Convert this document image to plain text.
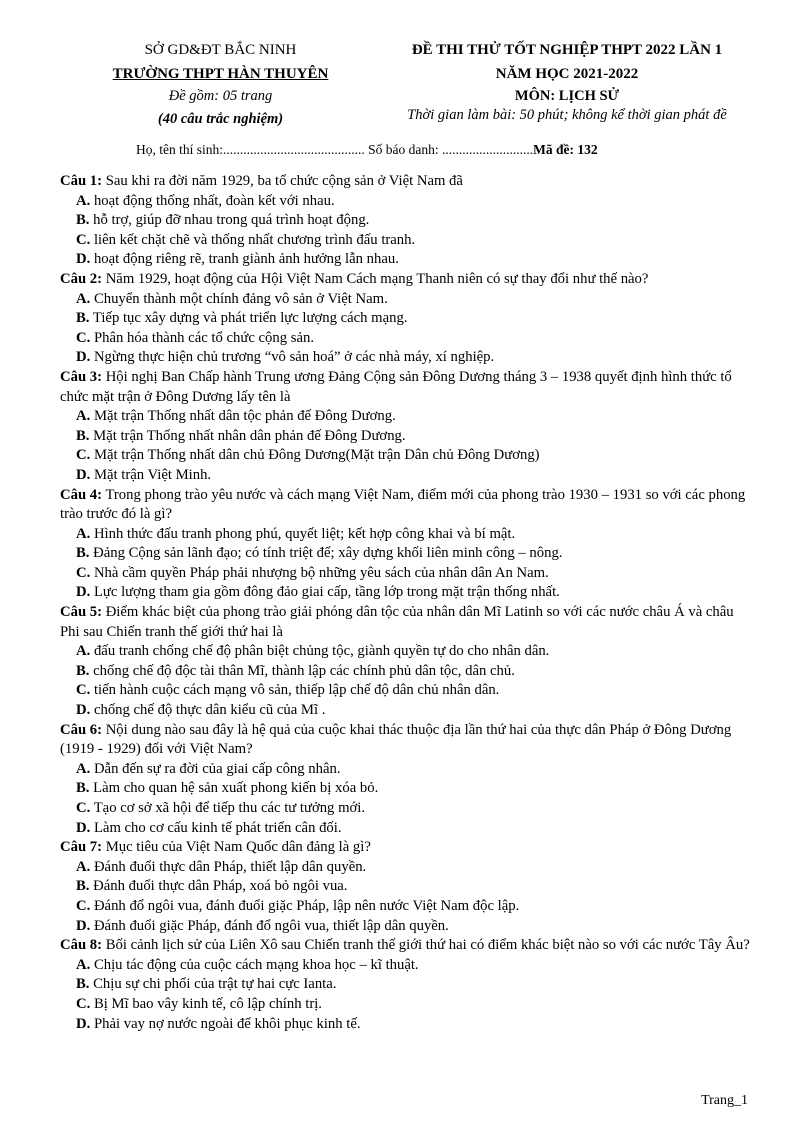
SỞ GD&ĐT BẮC NINH
TRƯỜNG THPT HÀN THUYÊN
Đề gồm: 05 trang
(40 câu trắc nghiệm)
ĐỀ THI THỬ TỐT NGHIỆP THPT 2022 LẦN 1
NĂM HỌC 2021-2022
MÔN: LỊCH SỬ
Thời gian làm bài: 50 phút; không kể thời gian phát đề
Họ, tên thí sinh:.......................................... Số báo danh: ...........................Mã đề: 132
Câu 1: Sau khi ra đời năm 1929, ba tổ chức cộng sản ở Việt Nam đã
A. hoạt động thống nhất, đoàn kết với nhau.
B. hỗ trợ, giúp đỡ nhau trong quá trình hoạt động.
C. liên kết chặt chẽ và thống nhất chương trình đấu tranh.
D. hoạt động riêng rẽ, tranh giành ảnh hưởng lẫn nhau.
Câu 2: Năm 1929, hoạt động của Hội Việt Nam Cách mạng Thanh niên có sự thay đổi như thế nào?
A. Chuyển thành một chính đảng vô sản ở Việt Nam.
B. Tiếp tục xây dựng và phát triển lực lượng cách mạng.
C. Phân hóa thành các tổ chức cộng sản.
D. Ngừng thực hiện chủ trương “vô sản hoá” ở các nhà máy, xí nghiệp.
Câu 3: Hội nghị Ban Chấp hành Trung ương Đảng Cộng sản Đông Dương tháng 3 – 1938 quyết định hình thức tổ chức mặt trận ở Đông Dương lấy tên là
A. Mặt trận Thống nhất dân tộc phản đế Đông Dương.
B. Mặt trận Thống nhất nhân dân phản đế Đông Dương.
C. Mặt trận Thống nhất dân chủ Đông Dương(Mặt trận Dân chủ Đông Dương)
D. Mặt trận Việt Minh.
Câu 4: Trong phong trào yêu nước và cách mạng Việt Nam, điểm mới của phong trào 1930 – 1931 so với các phong trào trước đó là gì?
A. Hình thức đấu tranh phong phú, quyết liệt; kết hợp công khai và bí mật.
B. Đảng Cộng sản lãnh đạo; có tính triệt để; xây dựng khối liên minh công – nông.
C. Nhà cầm quyền Pháp phải nhượng bộ những yêu sách của nhân dân An Nam.
D. Lực lượng tham gia gồm đông đảo giai cấp, tầng lớp trong mặt trận thống nhất.
Câu 5: Điểm khác biệt của phong trào giải phóng dân tộc của nhân dân Mĩ Latinh so với các nước châu Á và châu Phi sau Chiến tranh thế giới thứ hai là
A. đấu tranh chống chế độ phân biệt chủng tộc, giành quyền tự do cho nhân dân.
B. chống chế độ độc tài thân Mĩ, thành lập các chính phủ dân tộc, dân chủ.
C. tiến hành cuộc cách mạng vô sản, thiếp lập chế độ dân chủ nhân dân.
D. chống chế độ thực dân kiểu cũ của Mĩ .
Câu 6: Nội dung nào sau đây là hệ quả của cuộc khai thác thuộc địa lần thứ hai của thực dân Pháp ở Đông Dương (1919 - 1929) đối với Việt Nam?
A. Dẫn đến sự ra đời của giai cấp công nhân.
B. Làm cho quan hệ sản xuất phong kiến bị xóa bỏ.
C. Tạo cơ sở xã hội để tiếp thu các tư tưởng mới.
D. Làm cho cơ cấu kinh tế phát triển cân đối.
Câu 7: Mục tiêu của Việt Nam Quốc dân đảng là gì?
A. Đánh đuổi thực dân Pháp, thiết lập dân quyền.
B. Đánh đuổi thực dân Pháp, xoá bỏ ngôi vua.
C. Đánh đổ ngôi vua, đánh đuổi giặc Pháp, lập nên nước Việt Nam độc lập.
D. Đánh đuổi giặc Pháp, đánh đổ ngôi vua, thiết lập dân quyền.
Câu 8: Bối cảnh lịch sử của Liên Xô sau Chiến tranh thế giới thứ hai có điểm khác biệt nào so với các nước Tây Âu?
A. Chịu tác động của cuộc cách mạng khoa học – kĩ thuật.
B. Chịu sự chi phối của trật tự hai cực Ianta.
C. Bị Mĩ bao vây kinh tế, cô lập chính trị.
D. Phải vay nợ nước ngoài để khôi phục kinh tế.
Trang_1
